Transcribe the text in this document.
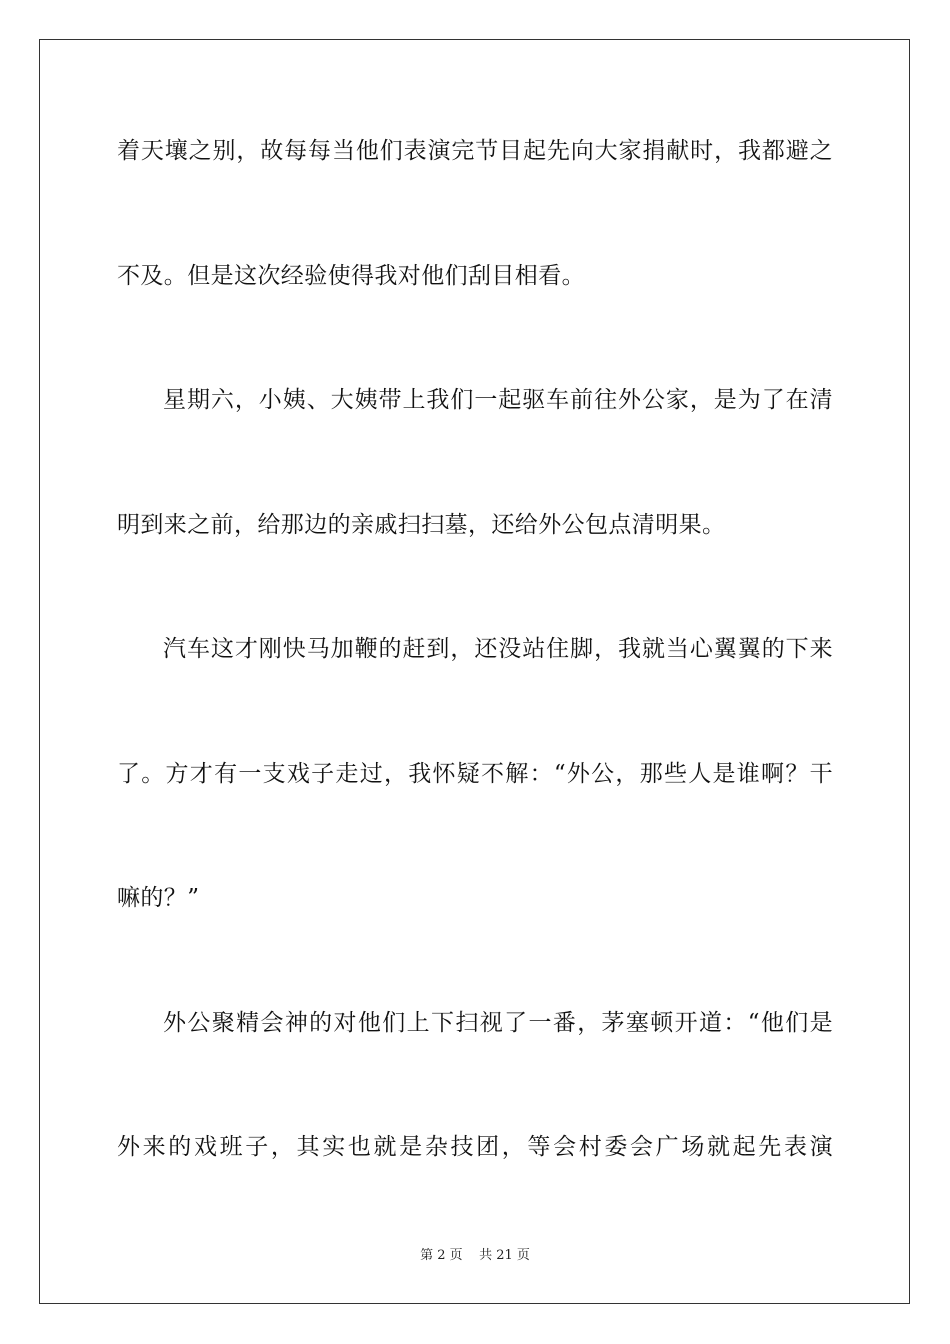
着天壤之别，故每每当他们表演完节目起先向大家捐献时，我都避之
不及。但是这次经验使得我对他们刮目相看。
星期六，小姨、大姨带上我们一起驱车前往外公家，是为了在清
明到来之前，给那边的亲戚扫扫墓，还给外公包点清明果。
汽车这才刚快马加鞭的赶到，还没站住脚，我就当心翼翼的下来
了。方才有一支戏子走过，我怀疑不解：“外公，那些人是谁啊？干
嘛的？”
外公聚精会神的对他们上下扫视了一番，茅塞顿开道：“他们是
外来的戏班子，其实也就是杂技团，等会村委会广场就起先表演
第 2 页    共 21 页
